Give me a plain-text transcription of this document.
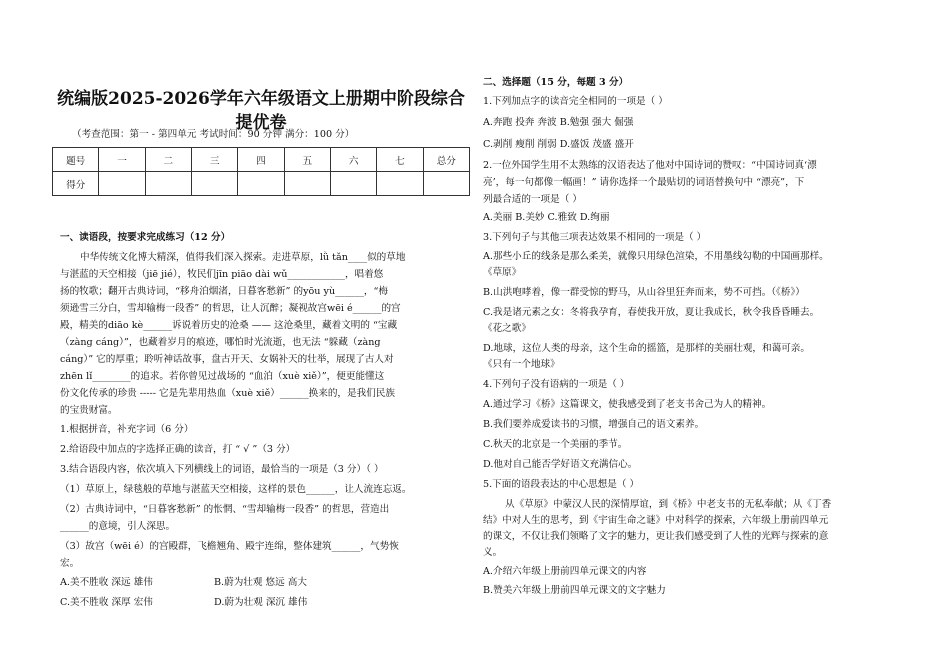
统编版2025-2026学年六年级语文上册期中阶段综合
提优卷
（考查范围：第一 - 第四单元 考试时间：90 分钟 满分：100 分）
题号	一	二	三	四	五	六	七	总分
得分								
一、读语段，按要求完成练习（12 分）
中华传统文化博大精深，值得我们深入探索。走进草原，lǜ tǎn____似的草地
与湛蓝的天空相接（jiē jié），牧民们jīn piāo dài wǔ____________，唱着悠
扬的牧歌；翻开古典诗词，“移舟泊烟渚，日暮客愁新” 的yōu yù______，“梅
须逊雪三分白，雪却输梅一段香” 的哲思，让人沉醉；凝视故宫wēi é______的宫
殿，精美的diāo kè______诉说着历史的沧桑 —— 这沧桑里，藏着文明的 “宝藏
（zàng cáng）”，也藏着岁月的痕迹，哪怕时光流逝，也无法 “躲藏（zàng
cáng）” 它的厚重；聆听神话故事，盘古开天、女娲补天的壮举，展现了古人对
zhēn lǐ________的追求。若你曾见过战场的 “血泊（xuè xiě）”，便更能懂这
份文化传承的珍贵 ----- 它是先辈用热血（xuè xiě）______换来的，是我们民族
的宝贵财富。
1.根据拼音，补充字词（6 分）
2.给语段中加点的字选择正确的读音，打 “ √ ”（3 分）
3.结合语段内容，依次填入下列横线上的词语，最恰当的一项是（3 分）（ ）
（1）草原上，绿毯般的草地与湛蓝天空相接，这样的景色______，让人流连忘返。
（2）古典诗词中，“日暮客愁新” 的怅惘、“雪却输梅一段香” 的哲思，营造出
______的意境，引人深思。
（3）故宫（wēi é）的宫殿群，飞檐翘角、殿宇连绵，整体建筑______，气势恢
宏。
A.美不胜收 深远 雄伟	B.蔚为壮观 悠远 高大
C.美不胜收 深厚 宏伟	D.蔚为壮观 深沉 雄伟
二、选择题（15 分，每题 3 分）
1.下列加点字的读音完全相同的一项是（ ）
A.奔跑 投奔 奔波 B.勉强 强大 倔强
C.剥削 瘦削 削弱 D.盛饭 茂盛 盛开
2.一位外国学生用不太熟练的汉语表达了他对中国诗词的赞叹：“中国诗词真‘漂
亮’，每一句都像一幅画！” 请你选择一个最贴切的词语替换句中 “漂亮”，下
列最合适的一项是（ ）
A.美丽 B.美妙 C.雅致 D.绚丽
3.下列句子与其他三项表达效果不相同的一项是（ ）
A.那些小丘的线条是那么柔美，就像只用绿色渲染，不用墨线勾勒的中国画那样。
《草原》
B.山洪咆哮着，像一群受惊的野马，从山谷里狂奔而来，势不可挡。（《桥》）
C.我是诸元素之女：冬将我孕育，春使我开放，夏让我成长，秋令我昏昏睡去。
《花之歌》
D.地球，这位人类的母亲，这个生命的摇篮，是那样的美丽壮观，和蔼可亲。
《只有一个地球》
4.下列句子没有语病的一项是（ ）
A.通过学习《桥》这篇课文，使我感受到了老支书舍己为人的精神。
B.我们要养成爱读书的习惯，增强自己的语文素养。
C.秋天的北京是一个美丽的季节。
D.他对自己能否学好语文充满信心。
5.下面的语段表达的中心思想是（ ）
从《草原》中蒙汉人民的深情厚谊，到《桥》中老支书的无私奉献；从《丁香
结》中对人生的思考，到《宇宙生命之谜》中对科学的探索，六年级上册前四单元
的课文，不仅让我们领略了文字的魅力，更让我们感受到了人性的光辉与探索的意
义。
A.介绍六年级上册前四单元课文的内容
B.赞美六年级上册前四单元课文的文字魅力
